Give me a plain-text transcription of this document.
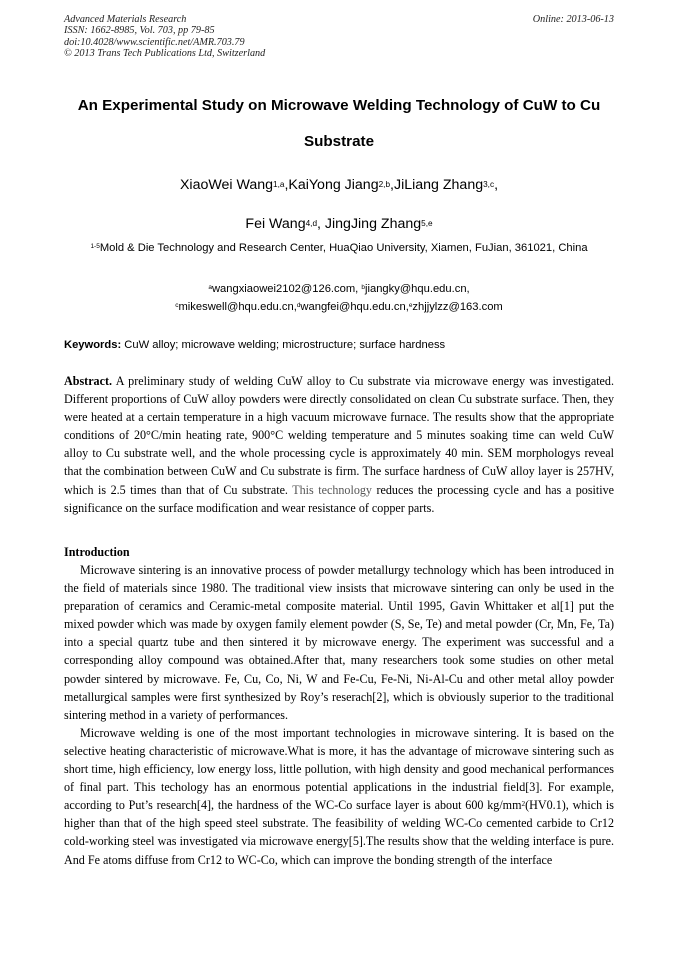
Advanced Materials Research
ISSN: 1662-8985, Vol. 703, pp 79-85
doi:10.4028/www.scientific.net/AMR.703.79
© 2013 Trans Tech Publications Ltd, Switzerland
Online: 2013-06-13
An Experimental Study on Microwave Welding Technology of CuW to Cu
Substrate
XiaoWei Wang$^{1,a}$,KaiYong Jiang$^{2,b}$,JiLiang Zhang$^{3,c}$,
Fei Wang$^{4,d}$, JingJing Zhang$^{5,e}$
$^{1-5}$Mold & Die Technology and Research Center, HuaQiao University, Xiamen, FuJian, 361021, China
$^a$wangxiaowei2102@126.com, $^b$jiangky@hqu.edu.cn,
$^c$mikeswell@hqu.edu.cn,$^d$wangfei@hqu.edu.cn,$^e$zhjjylzz@163.com
Keywords: CuW alloy; microwave welding; microstructure; surface hardness
Abstract. A preliminary study of welding CuW alloy to Cu substrate via microwave energy was investigated. Different proportions of CuW alloy powders were directly consolidated on clean Cu substrate surface. Then, they were heated at a certain temperature in a high vacuum microwave furnace. The results show that the appropriate conditions of 20°C/min heating rate, 900°C welding temperature and 5 minutes soaking time can weld CuW alloy to Cu substrate well, and the whole processing cycle is approximately 40 min. SEM morphologys reveal that the combination between CuW and Cu substrate is firm. The surface hardness of CuW alloy layer is 257HV, which is 2.5 times than that of Cu substrate. This technology reduces the processing cycle and has a positive significance on the surface modification and wear resistance of copper parts.
Introduction

Microwave sintering is an innovative process of powder metallurgy technology which has been introduced in the field of materials since 1980. The traditional view insists that microwave sintering can only be used in the preparation of ceramics and Ceramic-metal composite material. Until 1995, Gavin Whittaker et al[1] put the mixed powder which was made by oxygen family element powder (S, Se, Te) and metal powder (Cr, Mn, Fe, Ta) into a special quartz tube and then sintered it by microwave energy. The experiment was successful and a corresponding alloy compound was obtained.After that, many researchers took some studies on other metal powder sintered by microwave. Fe, Cu, Co, Ni, W and Fe-Cu, Fe-Ni, Ni-Al-Cu and other metal alloy powder metallurgical samples were first synthesized by Roy’s reserach[2], which is obviously superior to the traditional sintering method in a variety of performances.

Microwave welding is one of the most important technologies in microwave sintering. It is based on the selective heating characteristic of microwave.What is more, it has the advantage of microwave sintering such as short time, high efficiency, low energy loss, little pollution, with high density and good mechanical performances of final part. This techology has an enormous potential applications in the industrial field[3]. For example, according to Put’s research[4], the hardness of the WC-Co surface layer is about 600 $kg/mm^2(HV0.1)$, which is higher than that of the high speed steel substrate. The feasibility of welding WC-Co cemented carbide to Cr12 cold-working steel was investigated via microwave energy[5].The results show that the welding interface is pure. And Fe atoms diffuse from Cr12 to WC-Co, which can improve the bonding strength of the interface
